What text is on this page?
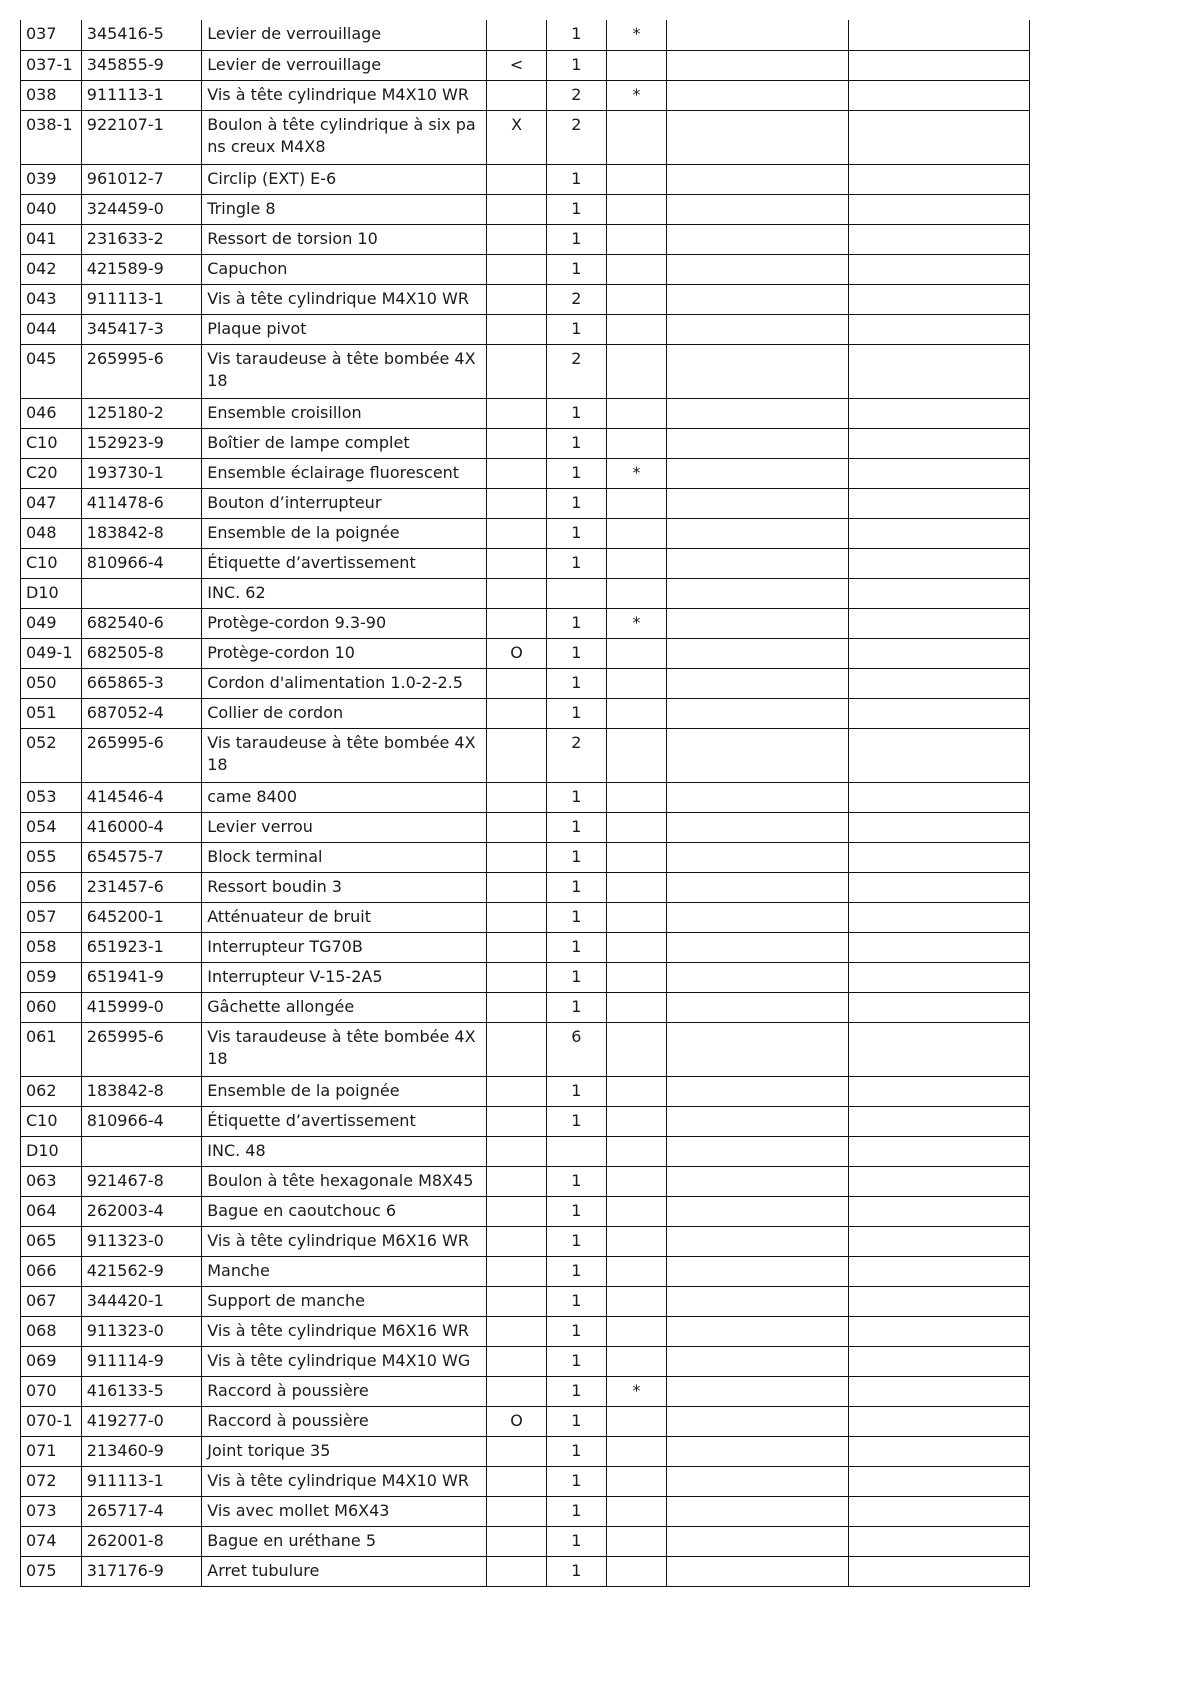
037	345416-5	Levier de verrouillage		1	*		
037-1	345855-9	Levier de verrouillage	<	1			
038	911113-1	Vis à tête cylindrique M4X10 WR		2	*		
038-1	922107-1	Boulon à tête cylindrique à six pans creux M4X8	X	2			
039	961012-7	Circlip (EXT) E-6		1			
040	324459-0	Tringle 8		1			
041	231633-2	Ressort de torsion 10		1			
042	421589-9	Capuchon		1			
043	911113-1	Vis à tête cylindrique M4X10 WR		2			
044	345417-3	Plaque pivot		1			
045	265995-6	Vis taraudeuse à tête bombée 4X18		2			
046	125180-2	Ensemble croisillon		1			
C10	152923-9	Boîtier de lampe complet		1			
C20	193730-1	Ensemble éclairage fluorescent		1	*		
047	411478-6	Bouton d’interrupteur		1			
048	183842-8	Ensemble de la poignée		1			
C10	810966-4	Étiquette d’avertissement		1			
D10		INC. 62					
049	682540-6	Protège-cordon 9.3-90		1	*		
049-1	682505-8	Protège-cordon 10	O	1			
050	665865-3	Cordon d'alimentation 1.0-2-2.5		1			
051	687052-4	Collier de cordon		1			
052	265995-6	Vis taraudeuse à tête bombée 4X18		2			
053	414546-4	came 8400		1			
054	416000-4	Levier verrou		1			
055	654575-7	Block terminal		1			
056	231457-6	Ressort boudin 3		1			
057	645200-1	Atténuateur de bruit		1			
058	651923-1	Interrupteur TG70B		1			
059	651941-9	Interrupteur V-15-2A5		1			
060	415999-0	Gâchette allongée		1			
061	265995-6	Vis taraudeuse à tête bombée 4X18		6			
062	183842-8	Ensemble de la poignée		1			
C10	810966-4	Étiquette d’avertissement		1			
D10		INC. 48					
063	921467-8	Boulon à tête hexagonale M8X45		1			
064	262003-4	Bague en caoutchouc 6		1			
065	911323-0	Vis à tête cylindrique M6X16 WR		1			
066	421562-9	Manche		1			
067	344420-1	Support de manche		1			
068	911323-0	Vis à tête cylindrique M6X16 WR		1			
069	911114-9	Vis à tête cylindrique M4X10 WG		1			
070	416133-5	Raccord à poussière		1	*		
070-1	419277-0	Raccord à poussière	O	1			
071	213460-9	Joint torique 35		1			
072	911113-1	Vis à tête cylindrique M4X10 WR		1			
073	265717-4	Vis avec mollet M6X43		1			
074	262001-8	Bague en uréthane 5		1			
075	317176-9	Arret tubulure		1			
